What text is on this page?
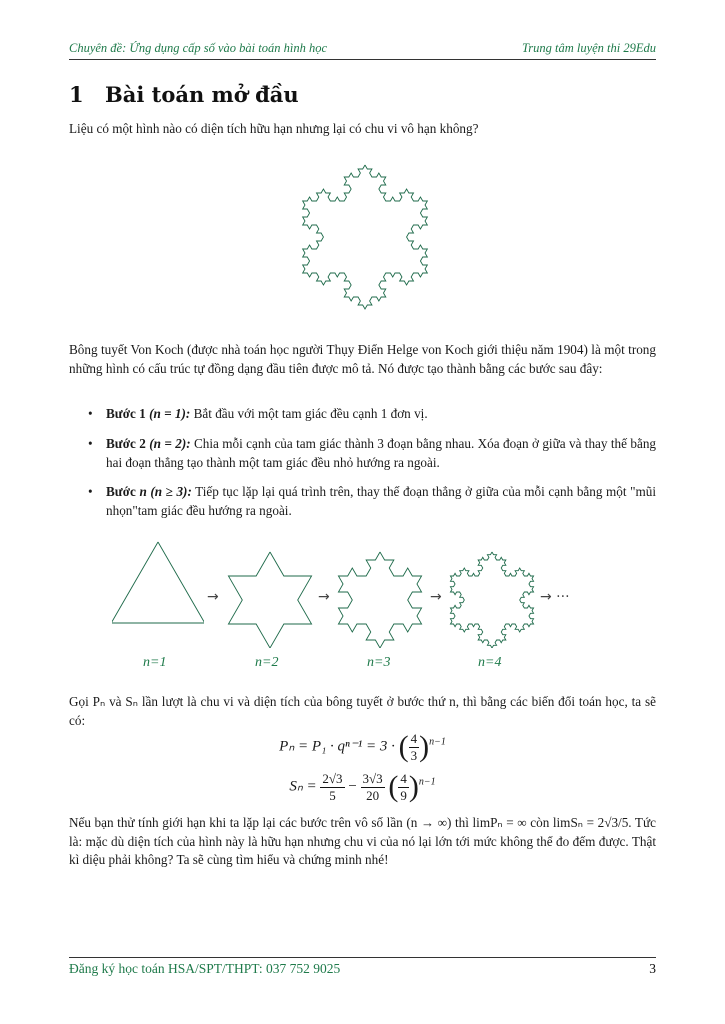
Chuyên đề: Ứng dụng cấp số vào bài toán hình học	Trung tâm luyện thi 29Edu
1 Bài toán mở đầu
Liệu có một hình nào có diện tích hữu hạn nhưng lại có chu vi vô hạn không?
Bông tuyết Von Koch (được nhà toán học người Thụy Điển Helge von Koch giới thiệu năm 1904) là một trong những hình có cấu trúc tự đồng dạng đầu tiên được mô tả. Nó được tạo thành bằng các bước sau đây:
• Bước 1 (n = 1): Bắt đầu với một tam giác đều cạnh 1 đơn vị.
• Bước 2 (n = 2): Chia mỗi cạnh của tam giác thành 3 đoạn bằng nhau. Xóa đoạn ở giữa và thay thế bằng hai đoạn thẳng tạo thành một tam giác đều nhỏ hướng ra ngoài.
• Bước n (n ≥ 3): Tiếp tục lặp lại quá trình trên, thay thế đoạn thẳng ở giữa của mỗi cạnh bằng một "mũi nhọn"tam giác đều hướng ra ngoài.
→	→	→	→ ···
n=1	n=2	n=3	n=4
Gọi Pₙ và Sₙ lần lượt là chu vi và diện tích của bông tuyết ở bước thứ n, thì bằng các biến đổi toán học, ta sẽ có:
Pₙ = P₁ · qⁿ⁻¹ = 3 · ( $\frac{4}{3} )^{n-1}$
$S_n = \frac{2√3}{5} - \frac{3√3}{20}$ ( $\frac{4}{9} )^{n-1}$
Nếu bạn thử tính giới hạn khi ta lặp lại các bước trên vô số lần (n → ∞) thì limPₙ = ∞ còn limSₙ = 2√3/5. Tức là: mặc dù diện tích của hình này là hữu hạn nhưng chu vi của nó lại lớn tới mức không thể đo đếm được. Thật kì diệu phải không? Ta sẽ cùng tìm hiểu và chứng minh nhé!
Đăng ký học toán HSA/SPT/THPT: 037 752 9025	3
